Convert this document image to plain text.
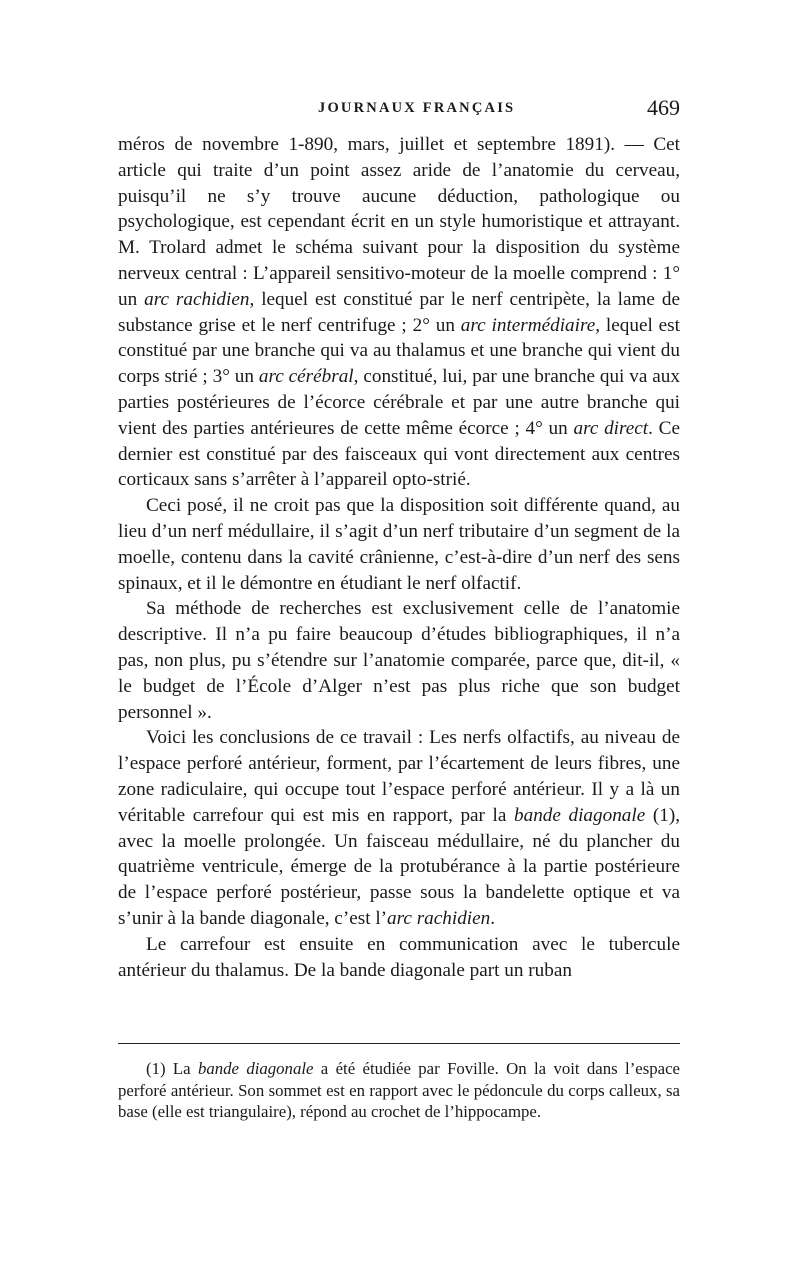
JOURNAUX FRANÇAIS	469

méros de novembre 1-890, mars, juillet et septembre 1891). — Cet article qui traite d’un point assez aride de l’anatomie du cerveau, puisqu’il ne s’y trouve aucune déduction, pathologique ou psychologique, est cependant écrit en un style humoristique et attrayant. M. Trolard admet le schéma suivant pour la disposition du système nerveux central : L’appareil sensitivo-moteur de la moelle comprend : 1° un arc rachidien, lequel est constitué par le nerf centripète, la lame de substance grise et le nerf centrifuge ; 2° un arc intermédiaire, lequel est constitué par une branche qui va au thalamus et une branche qui vient du corps strié ; 3° un arc cérébral, constitué, lui, par une branche qui va aux parties postérieures de l’écorce cérébrale et par une autre branche qui vient des parties antérieures de cette même écorce ; 4° un arc direct. Ce dernier est constitué par des faisceaux qui vont directement aux centres corticaux sans s’arrêter à l’appareil opto-strié.

Ceci posé, il ne croit pas que la disposition soit différente quand, au lieu d’un nerf médullaire, il s’agit d’un nerf tributaire d’un segment de la moelle, contenu dans la cavité crânienne, c’est-à-dire d’un nerf des sens spinaux, et il le démontre en étudiant le nerf olfactif.

Sa méthode de recherches est exclusivement celle de l’anatomie descriptive. Il n’a pu faire beaucoup d’études bibliographiques, il n’a pas, non plus, pu s’étendre sur l’anatomie comparée, parce que, dit-il, « le budget de l’École d’Alger n’est pas plus riche que son budget personnel ».

Voici les conclusions de ce travail : Les nerfs olfactifs, au niveau de l’espace perforé antérieur, forment, par l’écartement de leurs fibres, une zone radiculaire, qui occupe tout l’espace perforé antérieur. Il y a là un véritable carrefour qui est mis en rapport, par la bande diagonale (1), avec la moelle prolongée. Un faisceau médullaire, né du plancher du quatrième ventricule, émerge de la protubérance à la partie postérieure de l’espace perforé postérieur, passe sous la bandelette optique et va s’unir à la bande diagonale, c’est l’arc rachidien.

Le carrefour est ensuite en communication avec le tubercule antérieur du thalamus. De la bande diagonale part un ruban

(1) La bande diagonale a été étudiée par Foville. On la voit dans l’espace perforé antérieur. Son sommet est en rapport avec le pédoncule du corps calleux, sa base (elle est triangulaire), répond au crochet de l’hippocampe.
